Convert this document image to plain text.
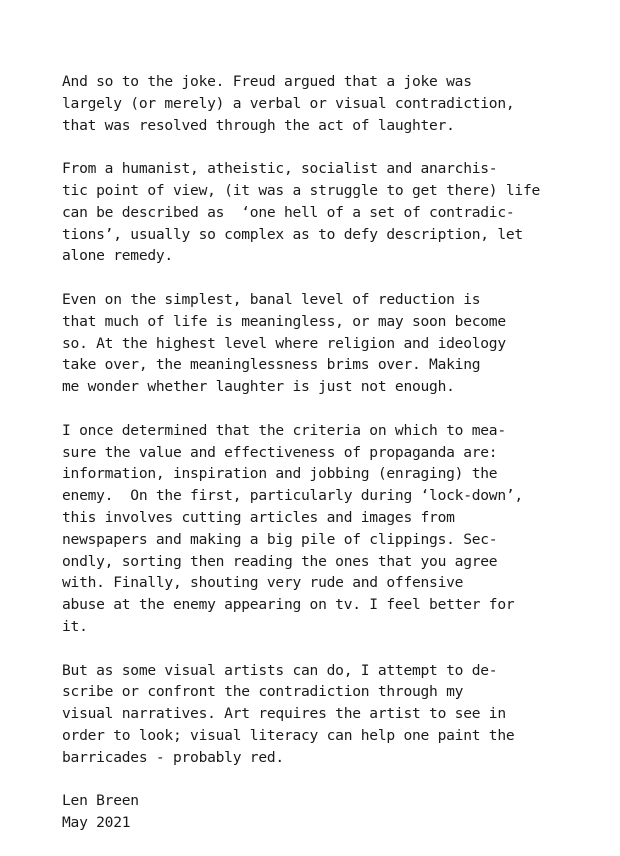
And so to the joke. Freud argued that a joke was
largely (or merely) a verbal or visual contradiction,
that was resolved through the act of laughter.

From a humanist, atheistic, socialist and anarchis-
tic point of view, (it was a struggle to get there) life
can be described as  ‘one hell of a set of contradic-
tions’, usually so complex as to defy description, let
alone remedy.

Even on the simplest, banal level of reduction is
that much of life is meaningless, or may soon become
so. At the highest level where religion and ideology
take over, the meaninglessness brims over. Making
me wonder whether laughter is just not enough.

I once determined that the criteria on which to mea-
sure the value and effectiveness of propaganda are:
information, inspiration and jobbing (enraging) the
enemy.  On the first, particularly during ‘lock-down’,
this involves cutting articles and images from
newspapers and making a big pile of clippings. Sec-
ondly, sorting then reading the ones that you agree
with. Finally, shouting very rude and offensive
abuse at the enemy appearing on tv. I feel better for
it.

But as some visual artists can do, I attempt to de-
scribe or confront the contradiction through my
visual narratives. Art requires the artist to see in
order to look; visual literacy can help one paint the
barricades - probably red.

Len Breen
May 2021
